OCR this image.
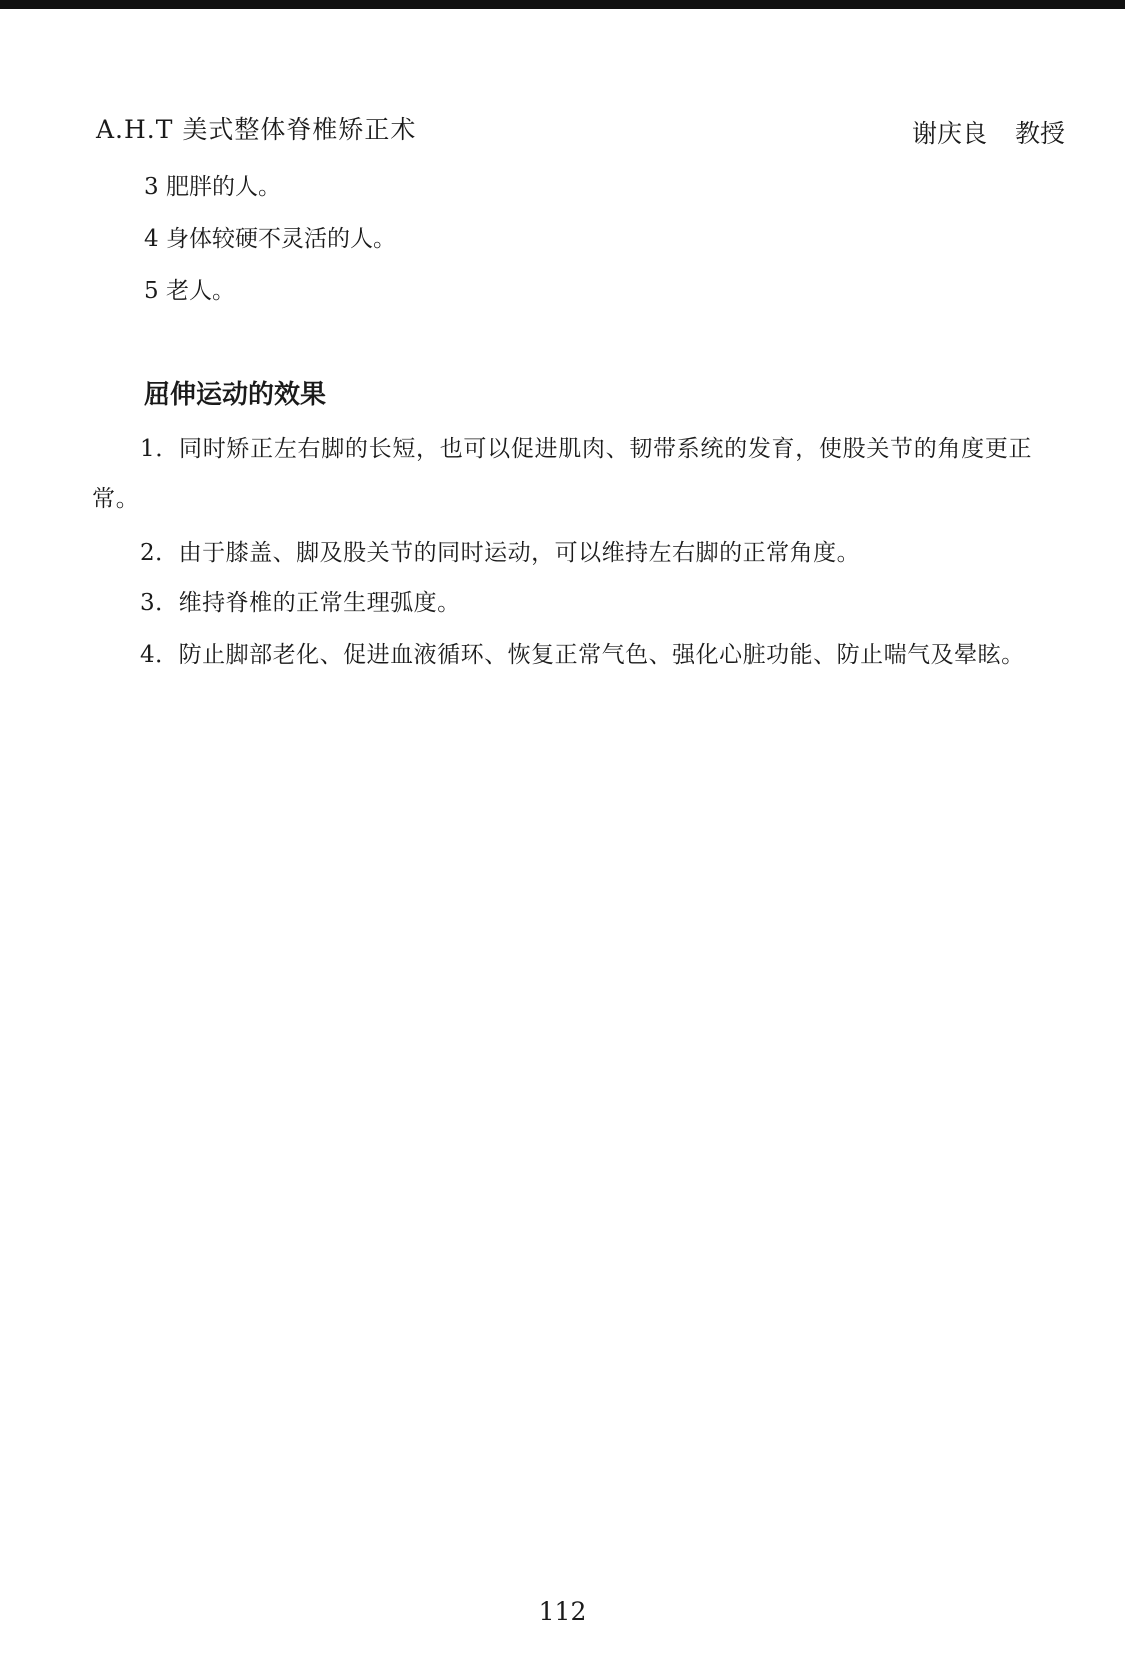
A.H.T 美式整体脊椎矫正术	谢庆良 教授
3 肥胖的人。
4 身体较硬不灵活的人。
5 老人。
屈伸运动的效果
1．同时矫正左右脚的长短，也可以促进肌肉、韧带系统的发育，使股关节的角度更正常。
2．由于膝盖、脚及股关节的同时运动，可以维持左右脚的正常角度。
3．维持脊椎的正常生理弧度。
4．防止脚部老化、促进血液循环、恢复正常气色、强化心脏功能、防止喘气及晕眩。
112
